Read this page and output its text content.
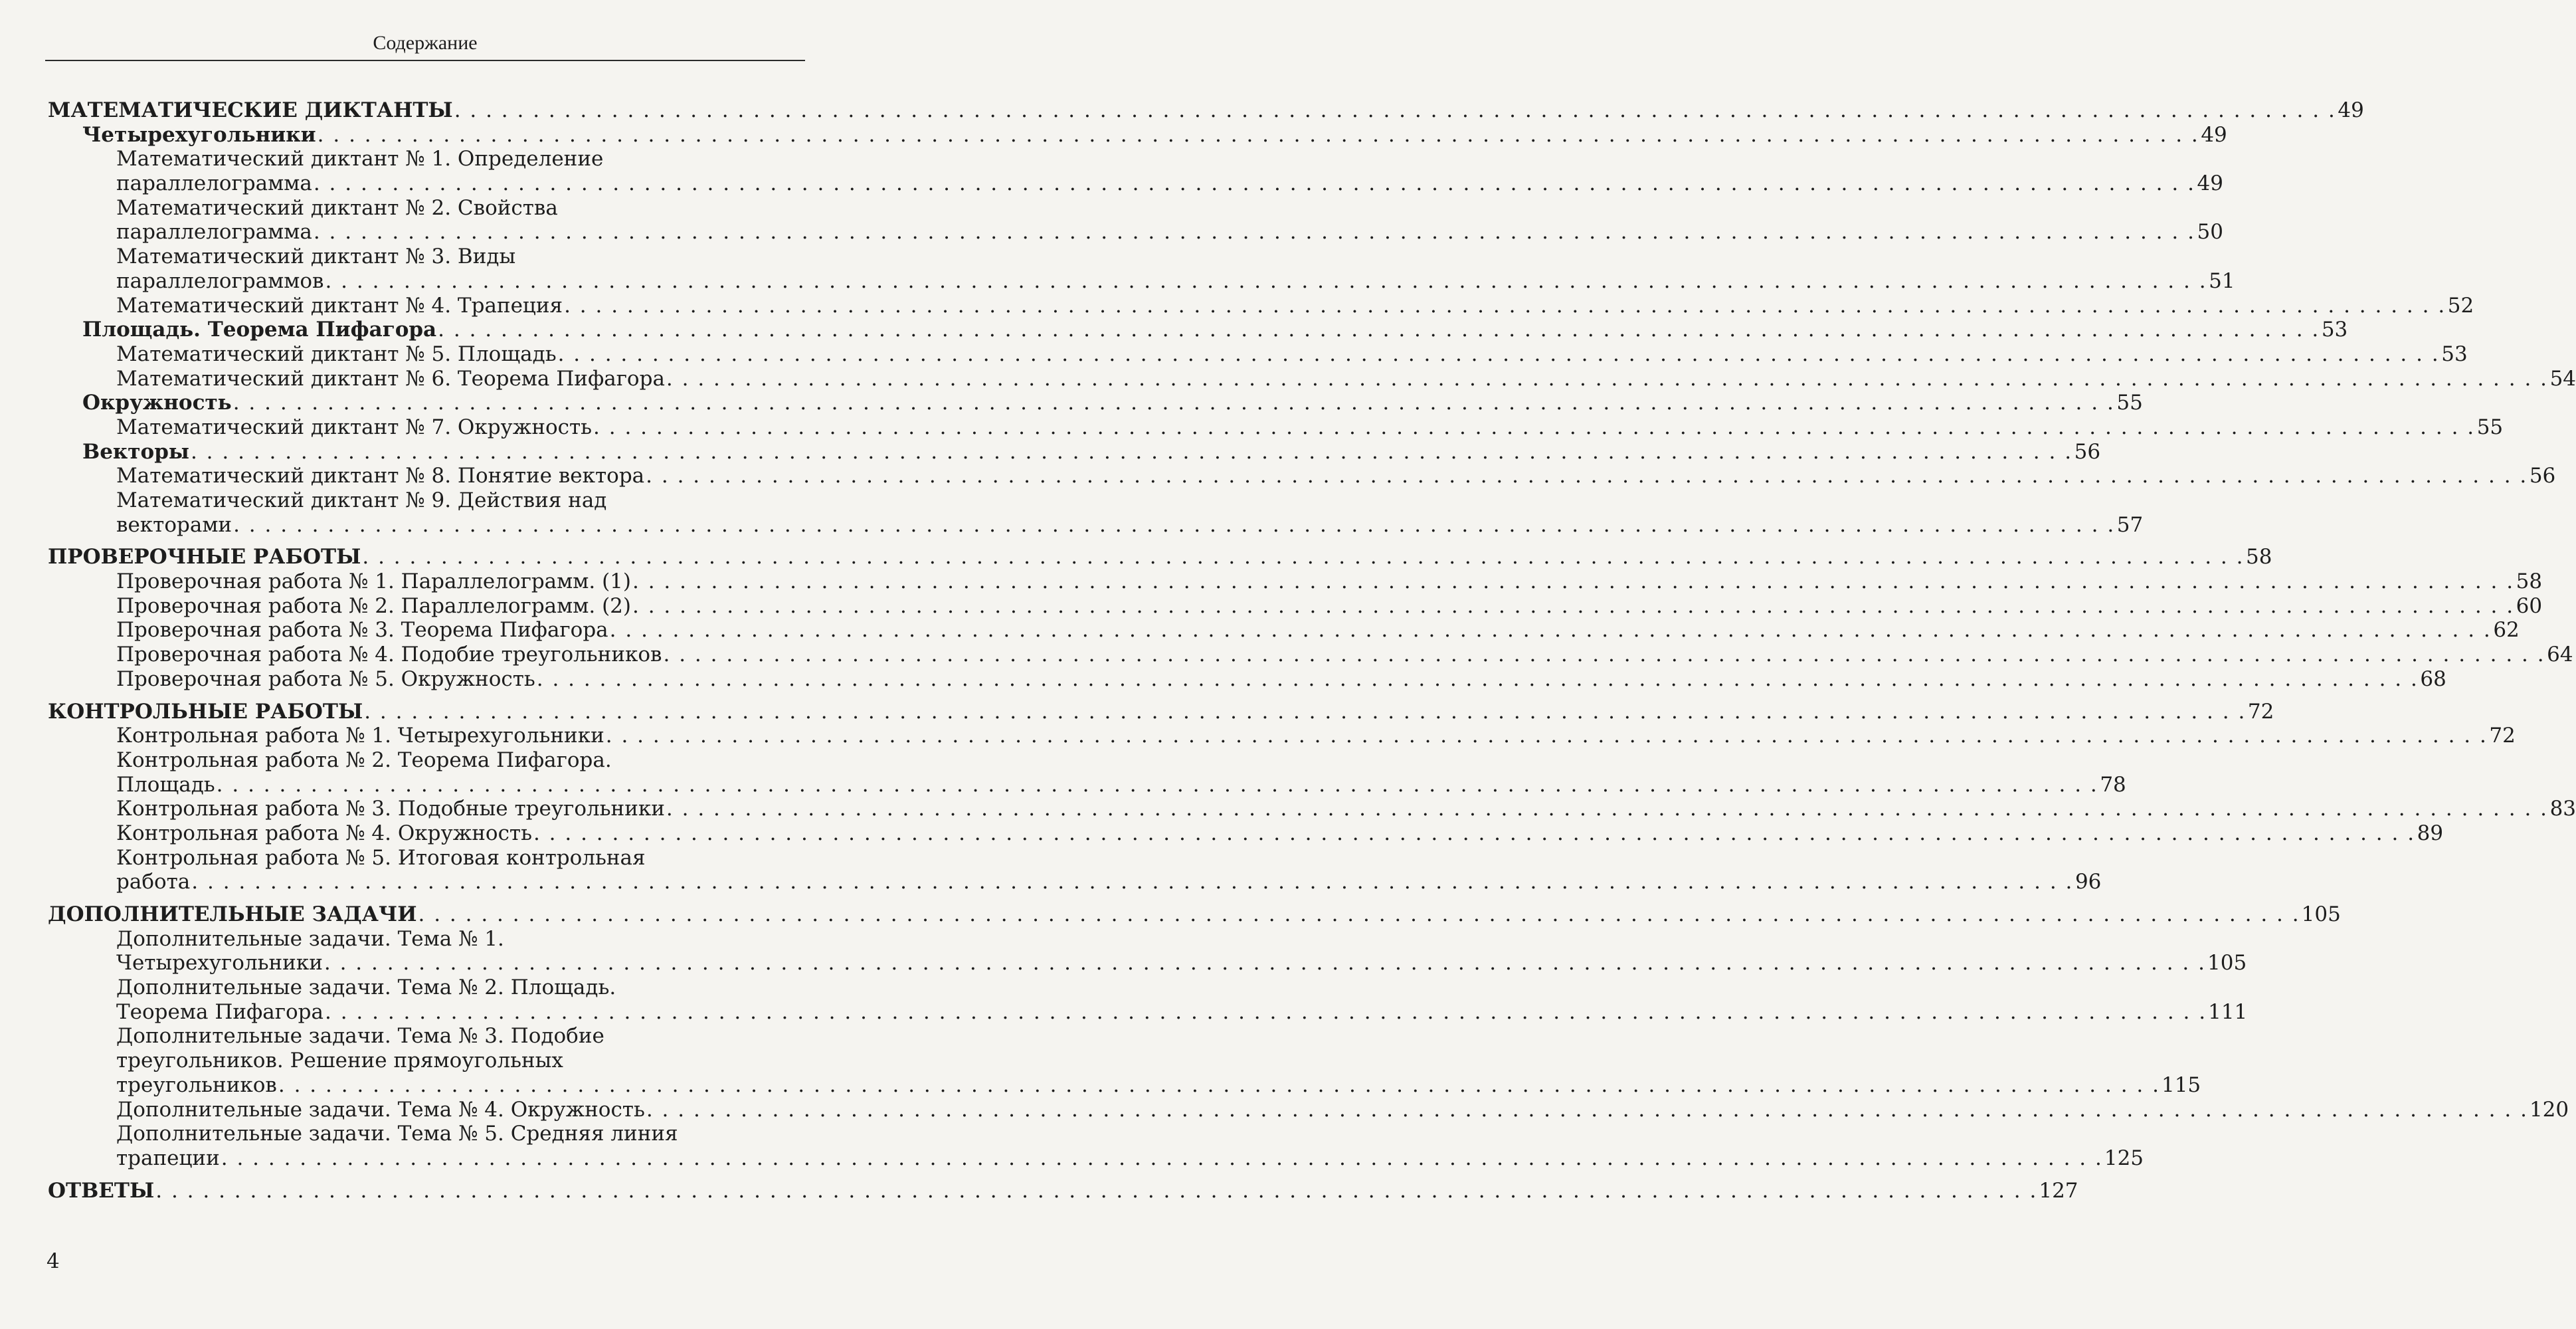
Содержание
МАТЕМАТИЧЕСКИЕ ДИКТАНТЫ . . . . . . . . . . . . . . . . . . . . . . . . . . . . . . . . . . . . . . . . . . . . . . . . . . . . . . . . . . . . . . . . . . . . . . . . . . . . . . . . . . . . . . . . . . . . . . . . . . . . . . . . . . . . . . . . . . . . . . . . 49
Четырехугольники . . . . . . . . . . . . . . . . . . . . . . . . . . . . . . . . . . . . . . . . . . . . . . . . . . . . . . . . . . . . . . . . . . . . . . . . . . . . . . . . . . . . . . . . . . . . . . . . . . . . . . . . . . . . . . . . . . . . . . . . 49
Математический диктант № 1. Определение
параллелограмма . . . . . . . . . . . . . . . . . . . . . . . . . . . . . . . . . . . . . . . . . . . . . . . . . . . . . . . . . . . . . . . . . . . . . . . . . . . . . . . . . . . . . . . . . . . . . . . . . . . . . . . . . . . . . . . . . . . . . . . . 49
Математический диктант № 2. Свойства
параллелограмма . . . . . . . . . . . . . . . . . . . . . . . . . . . . . . . . . . . . . . . . . . . . . . . . . . . . . . . . . . . . . . . . . . . . . . . . . . . . . . . . . . . . . . . . . . . . . . . . . . . . . . . . . . . . . . . . . . . . . . . . 50
Математический диктант № 3. Виды
параллелограммов . . . . . . . . . . . . . . . . . . . . . . . . . . . . . . . . . . . . . . . . . . . . . . . . . . . . . . . . . . . . . . . . . . . . . . . . . . . . . . . . . . . . . . . . . . . . . . . . . . . . . . . . . . . . . . . . . . . . . . . . 51
Математический диктант № 4. Трапеция . . . . . . . . . . . . . . . . . . . . . . . . . . . . . . . . . . . . . . . . . . . . . . . . . . . . . . . . . . . . . . . . . . . . . . . . . . . . . . . . . . . . . . . . . . . . . . . . . . . . . . . . . . . . . . . . . . . . . . . . 52
Площадь. Теорема Пифагора . . . . . . . . . . . . . . . . . . . . . . . . . . . . . . . . . . . . . . . . . . . . . . . . . . . . . . . . . . . . . . . . . . . . . . . . . . . . . . . . . . . . . . . . . . . . . . . . . . . . . . . . . . . . . . . . . . . . . . . . 53
Математический диктант № 5. Площадь . . . . . . . . . . . . . . . . . . . . . . . . . . . . . . . . . . . . . . . . . . . . . . . . . . . . . . . . . . . . . . . . . . . . . . . . . . . . . . . . . . . . . . . . . . . . . . . . . . . . . . . . . . . . . . . . . . . . . . . . 53
Математический диктант № 6. Теорема Пифагора . . . . . . . . . . . . . . . . . . . . . . . . . . . . . . . . . . . . . . . . . . . . . . . . . . . . . . . . . . . . . . . . . . . . . . . . . . . . . . . . . . . . . . . . . . . . . . . . . . . . . . . . . . . . . . . . . . . . . . . . 54
Окружность . . . . . . . . . . . . . . . . . . . . . . . . . . . . . . . . . . . . . . . . . . . . . . . . . . . . . . . . . . . . . . . . . . . . . . . . . . . . . . . . . . . . . . . . . . . . . . . . . . . . . . . . . . . . . . . . . . . . . . . . 55
Математический диктант № 7. Окружность . . . . . . . . . . . . . . . . . . . . . . . . . . . . . . . . . . . . . . . . . . . . . . . . . . . . . . . . . . . . . . . . . . . . . . . . . . . . . . . . . . . . . . . . . . . . . . . . . . . . . . . . . . . . . . . . . . . . . . . . 55
Векторы . . . . . . . . . . . . . . . . . . . . . . . . . . . . . . . . . . . . . . . . . . . . . . . . . . . . . . . . . . . . . . . . . . . . . . . . . . . . . . . . . . . . . . . . . . . . . . . . . . . . . . . . . . . . . . . . . . . . . . . . 56
Математический диктант № 8. Понятие вектора . . . . . . . . . . . . . . . . . . . . . . . . . . . . . . . . . . . . . . . . . . . . . . . . . . . . . . . . . . . . . . . . . . . . . . . . . . . . . . . . . . . . . . . . . . . . . . . . . . . . . . . . . . . . . . . . . . . . . . . . 56
Математический диктант № 9. Действия над
векторами . . . . . . . . . . . . . . . . . . . . . . . . . . . . . . . . . . . . . . . . . . . . . . . . . . . . . . . . . . . . . . . . . . . . . . . . . . . . . . . . . . . . . . . . . . . . . . . . . . . . . . . . . . . . . . . . . . . . . . . . 57
ПРОВЕРОЧНЫЕ РАБОТЫ . . . . . . . . . . . . . . . . . . . . . . . . . . . . . . . . . . . . . . . . . . . . . . . . . . . . . . . . . . . . . . . . . . . . . . . . . . . . . . . . . . . . . . . . . . . . . . . . . . . . . . . . . . . . . . . . . . . . . . . . 58
Проверочная работа № 1. Параллелограмм. (1) . . . . . . . . . . . . . . . . . . . . . . . . . . . . . . . . . . . . . . . . . . . . . . . . . . . . . . . . . . . . . . . . . . . . . . . . . . . . . . . . . . . . . . . . . . . . . . . . . . . . . . . . . . . . . . . . . . . . . . . . 58
Проверочная работа № 2. Параллелограмм. (2) . . . . . . . . . . . . . . . . . . . . . . . . . . . . . . . . . . . . . . . . . . . . . . . . . . . . . . . . . . . . . . . . . . . . . . . . . . . . . . . . . . . . . . . . . . . . . . . . . . . . . . . . . . . . . . . . . . . . . . . . 60
Проверочная работа № 3. Теорема Пифагора . . . . . . . . . . . . . . . . . . . . . . . . . . . . . . . . . . . . . . . . . . . . . . . . . . . . . . . . . . . . . . . . . . . . . . . . . . . . . . . . . . . . . . . . . . . . . . . . . . . . . . . . . . . . . . . . . . . . . . . . 62
Проверочная работа № 4. Подобие треугольников . . . . . . . . . . . . . . . . . . . . . . . . . . . . . . . . . . . . . . . . . . . . . . . . . . . . . . . . . . . . . . . . . . . . . . . . . . . . . . . . . . . . . . . . . . . . . . . . . . . . . . . . . . . . . . . . . . . . . . . . 64
Проверочная работа № 5. Окружность . . . . . . . . . . . . . . . . . . . . . . . . . . . . . . . . . . . . . . . . . . . . . . . . . . . . . . . . . . . . . . . . . . . . . . . . . . . . . . . . . . . . . . . . . . . . . . . . . . . . . . . . . . . . . . . . . . . . . . . . 68
КОНТРОЛЬНЫЕ РАБОТЫ . . . . . . . . . . . . . . . . . . . . . . . . . . . . . . . . . . . . . . . . . . . . . . . . . . . . . . . . . . . . . . . . . . . . . . . . . . . . . . . . . . . . . . . . . . . . . . . . . . . . . . . . . . . . . . . . . . . . . . . . 72
Контрольная работа № 1. Четырехугольники . . . . . . . . . . . . . . . . . . . . . . . . . . . . . . . . . . . . . . . . . . . . . . . . . . . . . . . . . . . . . . . . . . . . . . . . . . . . . . . . . . . . . . . . . . . . . . . . . . . . . . . . . . . . . . . . . . . . . . . . 72
Контрольная работа № 2. Теорема Пифагора.
Площадь . . . . . . . . . . . . . . . . . . . . . . . . . . . . . . . . . . . . . . . . . . . . . . . . . . . . . . . . . . . . . . . . . . . . . . . . . . . . . . . . . . . . . . . . . . . . . . . . . . . . . . . . . . . . . . . . . . . . . . . . 78
Контрольная работа № 3. Подобные треугольники . . . . . . . . . . . . . . . . . . . . . . . . . . . . . . . . . . . . . . . . . . . . . . . . . . . . . . . . . . . . . . . . . . . . . . . . . . . . . . . . . . . . . . . . . . . . . . . . . . . . . . . . . . . . . . . . . . . . . . . . 83
Контрольная работа № 4. Окружность . . . . . . . . . . . . . . . . . . . . . . . . . . . . . . . . . . . . . . . . . . . . . . . . . . . . . . . . . . . . . . . . . . . . . . . . . . . . . . . . . . . . . . . . . . . . . . . . . . . . . . . . . . . . . . . . . . . . . . . . 89
Контрольная работа № 5. Итоговая контрольная
работа . . . . . . . . . . . . . . . . . . . . . . . . . . . . . . . . . . . . . . . . . . . . . . . . . . . . . . . . . . . . . . . . . . . . . . . . . . . . . . . . . . . . . . . . . . . . . . . . . . . . . . . . . . . . . . . . . . . . . . . . 96
ДОПОЛНИТЕЛЬНЫЕ ЗАДАЧИ . . . . . . . . . . . . . . . . . . . . . . . . . . . . . . . . . . . . . . . . . . . . . . . . . . . . . . . . . . . . . . . . . . . . . . . . . . . . . . . . . . . . . . . . . . . . . . . . . . . . . . . . . . . . . . . . . . . . . . . . 105
Дополнительные задачи. Тема № 1.
Четырехугольники . . . . . . . . . . . . . . . . . . . . . . . . . . . . . . . . . . . . . . . . . . . . . . . . . . . . . . . . . . . . . . . . . . . . . . . . . . . . . . . . . . . . . . . . . . . . . . . . . . . . . . . . . . . . . . . . . . . . . . . . 105
Дополнительные задачи. Тема № 2. Площадь.
Теорема Пифагора . . . . . . . . . . . . . . . . . . . . . . . . . . . . . . . . . . . . . . . . . . . . . . . . . . . . . . . . . . . . . . . . . . . . . . . . . . . . . . . . . . . . . . . . . . . . . . . . . . . . . . . . . . . . . . . . . . . . . . . . 111
Дополнительные задачи. Тема № 3. Подобие
треугольников. Решение прямоугольных
треугольников . . . . . . . . . . . . . . . . . . . . . . . . . . . . . . . . . . . . . . . . . . . . . . . . . . . . . . . . . . . . . . . . . . . . . . . . . . . . . . . . . . . . . . . . . . . . . . . . . . . . . . . . . . . . . . . . . . . . . . . . 115
Дополнительные задачи. Тема № 4. Окружность . . . . . . . . . . . . . . . . . . . . . . . . . . . . . . . . . . . . . . . . . . . . . . . . . . . . . . . . . . . . . . . . . . . . . . . . . . . . . . . . . . . . . . . . . . . . . . . . . . . . . . . . . . . . . . . . . . . . . . . . 120
Дополнительные задачи. Тема № 5. Средняя линия
трапеции . . . . . . . . . . . . . . . . . . . . . . . . . . . . . . . . . . . . . . . . . . . . . . . . . . . . . . . . . . . . . . . . . . . . . . . . . . . . . . . . . . . . . . . . . . . . . . . . . . . . . . . . . . . . . . . . . . . . . . . . 125
ОТВЕТЫ . . . . . . . . . . . . . . . . . . . . . . . . . . . . . . . . . . . . . . . . . . . . . . . . . . . . . . . . . . . . . . . . . . . . . . . . . . . . . . . . . . . . . . . . . . . . . . . . . . . . . . . . . . . . . . . . . . . . . . . . 127
4
